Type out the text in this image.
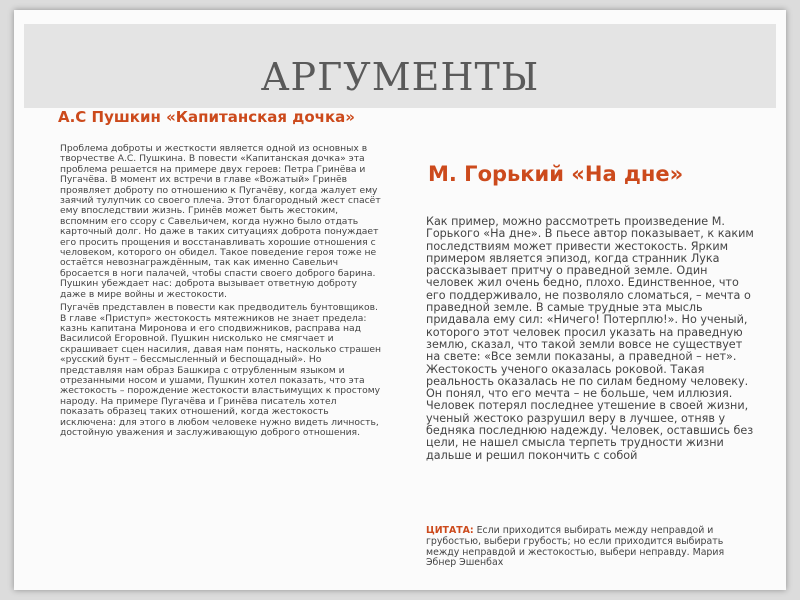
АРГУМЕНТЫ
А.С Пушкин «Капитанская дочка»

Проблема доброты и жесткости является одной из основных в творчестве А.С. Пушкина. В повести «Капитанская дочка» эта проблема решается на примере двух героев: Петра Гринёва и Пугачёва. В момент их встречи в главе «Вожатый» Гринёв проявляет доброту по отношению к Пугачёву, когда жалует ему заячий тулупчик со своего плеча. Этот благородный жест спасёт ему впоследствии жизнь. Гринёв может быть жестоким, вспомним его ссору с Савельичем, когда нужно было отдать карточный долг. Но даже в таких ситуациях доброта понуждает его просить прощения и восстанавливать хорошие отношения с человеком, которого он обидел. Такое поведение героя тоже не остаётся невознаграждённым, так как именно Савельич бросается в ноги палачей, чтобы спасти своего доброго барина. Пушкин убеждает нас: доброта вызывает ответную доброту даже в мире войны и жестокости.

Пугачёв представлен в повести как предводитель бунтовщиков. В главе «Приступ» жестокость мятежников не знает предела: казнь капитана Миронова и его сподвижников, расправа над Василисой Егоровной. Пушкин нисколько не смягчает и скрашивает сцен насилия, давая нам понять, насколько страшен «русский бунт – бессмысленный и беспощадный». Но представляя нам образ Башкира с отрубленным языком и отрезанными носом и ушами, Пушкин хотел показать, что эта жестокость – порождение жестокости властьимущих к простому народу. На примере Пугачёва и Гринёва писатель хотел показать образец таких отношений, когда жестокость исключена: для этого в любом человеке нужно видеть личность, достойную уважения и заслуживающую доброго отношения.

М. Горький «На дне»
Как пример, можно рассмотреть произведение М. Горького «На дне». В пьесе автор показывает, к каким последствиям может привести жестокость. Ярким примером является эпизод, когда странник Лука рассказывает притчу о праведной земле. Один человек жил очень бедно, плохо. Единственное, что его поддерживало, не позволяло сломаться, – мечта о праведной земле. В самые трудные эта мысль придавала ему сил: «Ничего! Потерплю!». Но ученый, которого этот человек просил указать на праведную землю, сказал, что такой земли вовсе не существует на свете: «Все земли показаны, а праведной – нет». Жестокость ученого оказалась роковой. Такая реальность оказалась не по силам бедному человеку. Он понял, что его мечта – не больше, чем иллюзия. Человек потерял последнее утешение в своей жизни, ученый жестоко разрушил веру в лучшее, отняв у бедняка последнюю надежду. Человек, оставшись без цели, не нашел смысла терпеть трудности жизни дальше и решил покончить с собой
ЦИТАТА: Если приходится выбирать между неправдой и грубостью, выбери грубость; но если приходится выбирать между неправдой и жестокостью, выбери неправду. Мария Эбнер Эшенбах
